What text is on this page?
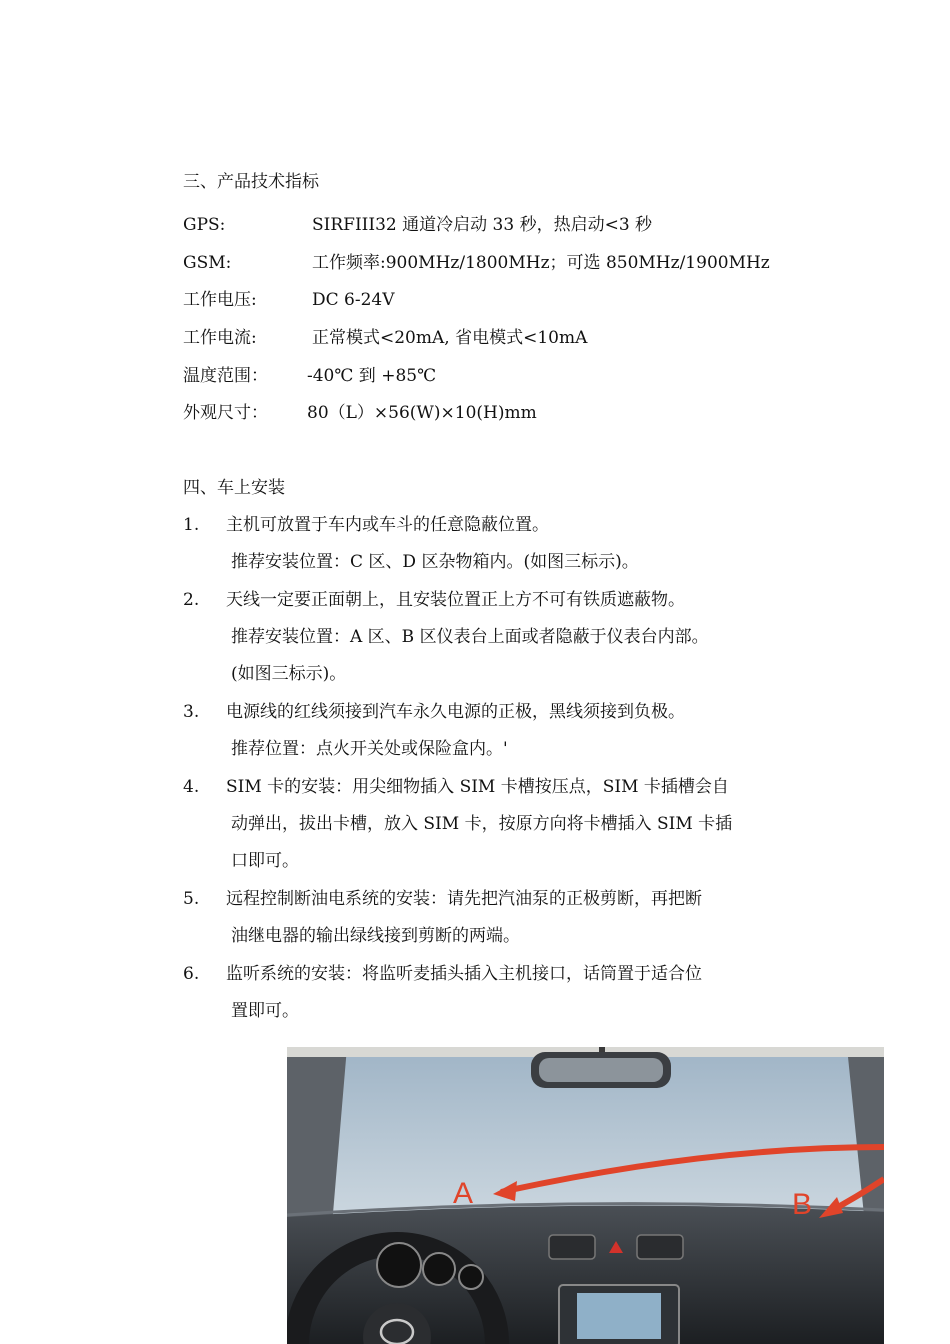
三、产品技术指标
GPS:	SIRFIII32 通道冷启动 33 秒，热启动<3 秒
GSM:	工作频率:900MHz/1800MHz；可选 850MHz/1900MHz
工作电压:	DC 6-24V
工作电流:	正常模式<20mA, 省电模式<10mA
温度范围： -40℃ 到 +85℃
外观尺寸： 80（L）×56(W)×10(H)mm
四、车上安装
1. 主机可放置于车内或车斗的任意隐蔽位置。
推荐安装位置：C 区、D 区杂物箱内。(如图三标示)。
2. 天线一定要正面朝上，且安装位置正上方不可有铁质遮蔽物。
推荐安装位置：A 区、B 区仪表台上面或者隐蔽于仪表台内部。
(如图三标示)。
3. 电源线的红线须接到汽车永久电源的正极，黑线须接到负极。
推荐位置：点火开关处或保险盒内。'
4. SIM 卡的安装：用尖细物插入 SIM 卡槽按压点，SIM 卡插槽会自
动弹出，拔出卡槽，放入 SIM 卡，按原方向将卡槽插入 SIM 卡插
口即可。
5. 远程控制断油电系统的安装：请先把汽油泵的正极剪断，再把断
油继电器的输出绿线接到剪断的两端。
6. 监听系统的安装：将监听麦插头插入主机接口，话筒置于适合位
置即可。
A	B
